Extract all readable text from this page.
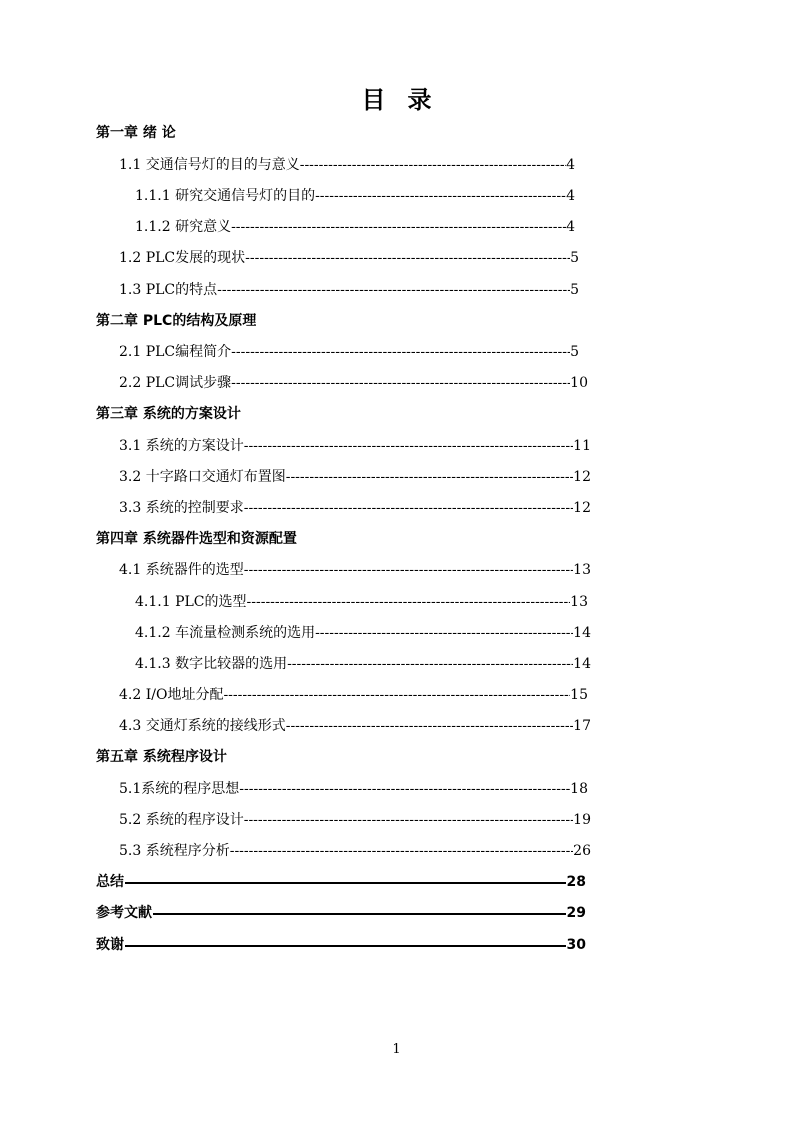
目录
第一章 绪 论
1.1 交通信号灯的目的与意义 -----	4
1.1.1 研究交通信号灯的目的 -----	4
1.1.2 研究意义 -----	4
1.2 PLC发展的现状 -----	5
1.3 PLC的特点 -----	5
第二章 PLC的结构及原理
2.1 PLC编程简介 -----	5
2.2 PLC调试步骤 -----	10
第三章 系统的方案设计
3.1 系统的方案设计 -----	11
3.2 十字路口交通灯布置图 -----	12
3.3 系统的控制要求 -----	12
第四章 系统器件选型和资源配置
4.1 系统器件的选型 -----	13
4.1.1 PLC的选型 -----	13
4.1.2 车流量检测系统的选用 -----	14
4.1.3 数字比较器的选用 -----	14
4.2 I/O地址分配 -----	15
4.3 交通灯系统的接线形式 -----	17
第五章 系统程序设计
5.1系统的程序思想 -----	18
5.2 系统的程序设计 -----	19
5.3 系统程序分析 -----	26
总结	28
参考文献	29
致谢	30
1
